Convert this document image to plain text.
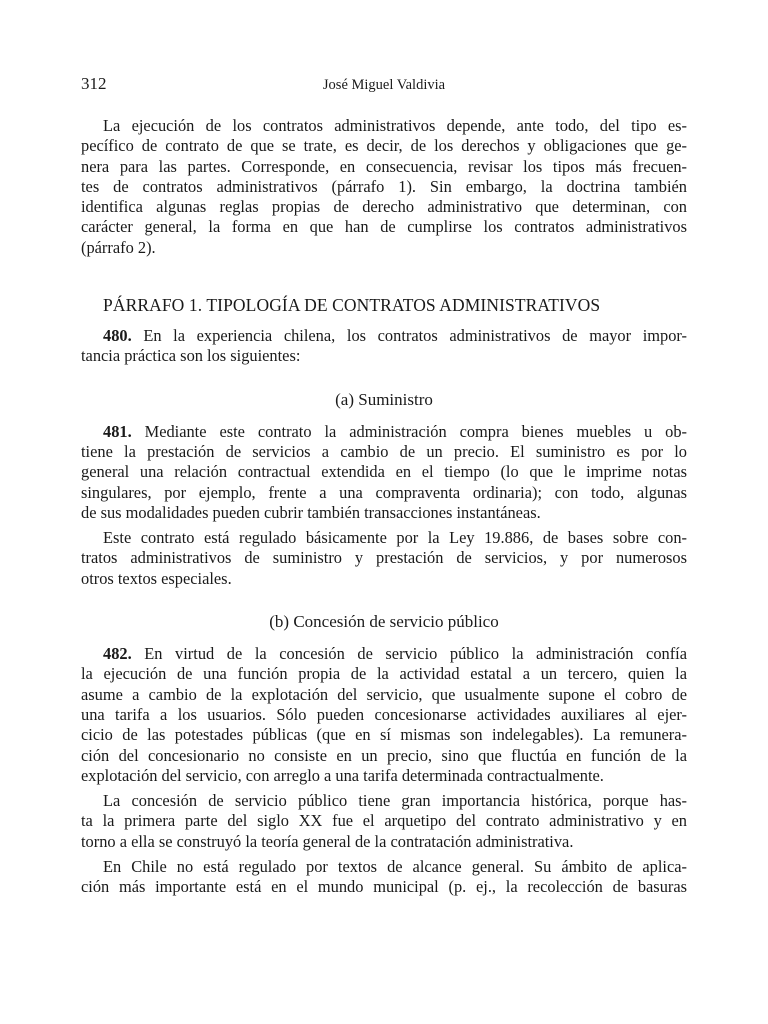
312	José Miguel Valdivia

La ejecución de los contratos administrativos depende, ante todo, del tipo es-
pecífico de contrato de que se trate, es decir, de los derechos y obligaciones que ge-
nera para las partes. Corresponde, en consecuencia, revisar los tipos más frecuen-
tes de contratos administrativos (párrafo 1). Sin embargo, la doctrina también
identifica algunas reglas propias de derecho administrativo que determinan, con
carácter general, la forma en que han de cumplirse los contratos administrativos
(párrafo 2).

PÁRRAFO 1. TIPOLOGÍA DE CONTRATOS ADMINISTRATIVOS

480. En la experiencia chilena, los contratos administrativos de mayor impor-
tancia práctica son los siguientes:

(a) Suministro

481. Mediante este contrato la administración compra bienes muebles u ob-
tiene la prestación de servicios a cambio de un precio. El suministro es por lo
general una relación contractual extendida en el tiempo (lo que le imprime notas
singulares, por ejemplo, frente a una compraventa ordinaria); con todo, algunas
de sus modalidades pueden cubrir también transacciones instantáneas.

Este contrato está regulado básicamente por la Ley 19.886, de bases sobre con-
tratos administrativos de suministro y prestación de servicios, y por numerosos
otros textos especiales.

(b) Concesión de servicio público

482. En virtud de la concesión de servicio público la administración confía
la ejecución de una función propia de la actividad estatal a un tercero, quien la
asume a cambio de la explotación del servicio, que usualmente supone el cobro de
una tarifa a los usuarios. Sólo pueden concesionarse actividades auxiliares al ejer-
cicio de las potestades públicas (que en sí mismas son indelegables). La remunera-
ción del concesionario no consiste en un precio, sino que fluctúa en función de la
explotación del servicio, con arreglo a una tarifa determinada contractualmente.

La concesión de servicio público tiene gran importancia histórica, porque has-
ta la primera parte del siglo XX fue el arquetipo del contrato administrativo y en
torno a ella se construyó la teoría general de la contratación administrativa.

En Chile no está regulado por textos de alcance general. Su ámbito de aplica-
ción más importante está en el mundo municipal (p. ej., la recolección de basuras
